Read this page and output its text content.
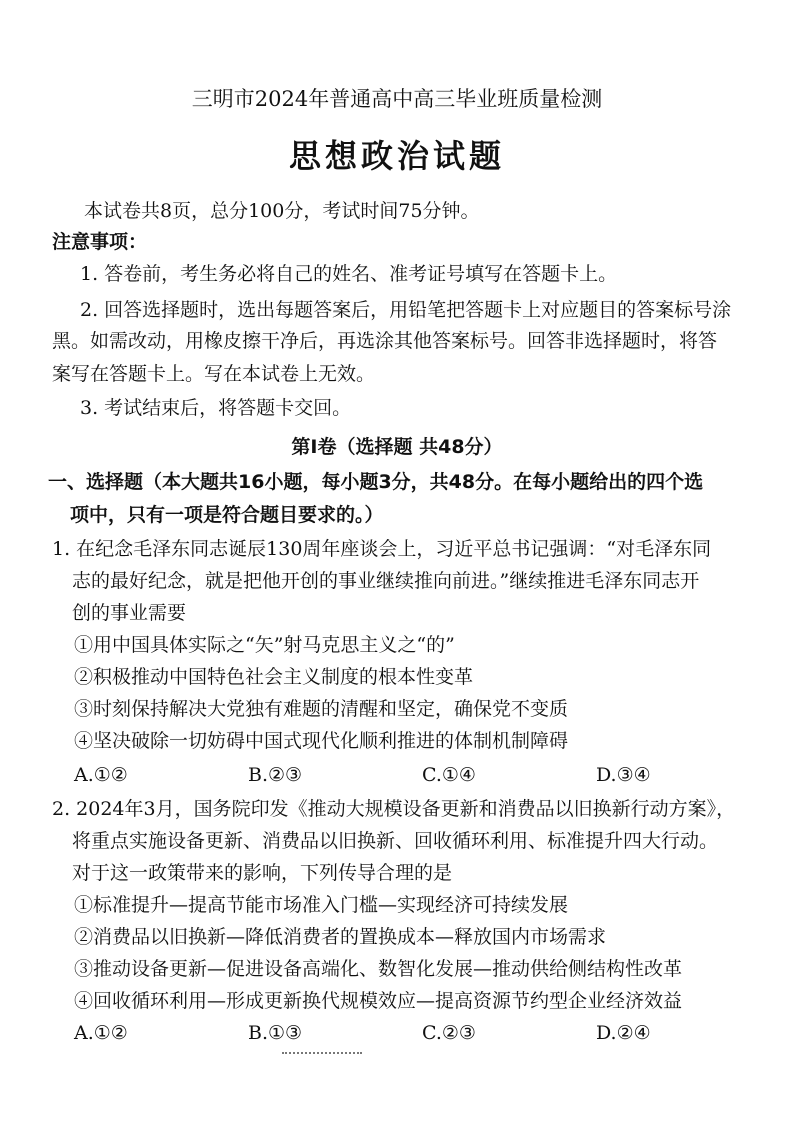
三明市2024年普通高中高三毕业班质量检测
思想政治试题
本试卷共8页，总分100分，考试时间75分钟。
注意事项：
1. 答卷前，考生务必将自己的姓名、准考证号填写在答题卡上。
2. 回答选择题时，选出每题答案后，用铅笔把答题卡上对应题目的答案标号涂
黑。如需改动，用橡皮擦干净后，再选涂其他答案标号。回答非选择题时，将答
案写在答题卡上。写在本试卷上无效。
3. 考试结束后，将答题卡交回。
第Ⅰ卷（选择题 共48分）
一、选择题（本大题共16小题，每小题3分，共48分。在每小题给出的四个选
项中，只有一项是符合题目要求的。）
1. 在纪念毛泽东同志诞辰130周年座谈会上，习近平总书记强调：“对毛泽东同
志的最好纪念，就是把他开创的事业继续推向前进。”继续推进毛泽东同志开
创的事业需要
①用中国具体实际之“矢”射马克思主义之“的”
②积极推动中国特色社会主义制度的根本性变革
③时刻保持解决大党独有难题的清醒和坚定，确保党不变质
④坚决破除一切妨碍中国式现代化顺利推进的体制机制障碍
A.①②	B.②③	C.①④	D.③④
2. 2024年3月，国务院印发《推动大规模设备更新和消费品以旧换新行动方案》，
将重点实施设备更新、消费品以旧换新、回收循环利用、标准提升四大行动。
对于这一政策带来的影响，下列传导合理的是
①标准提升—提高节能市场准入门槛—实现经济可持续发展
②消费品以旧换新—降低消费者的置换成本—释放国内市场需求
③推动设备更新—促进设备高端化、数智化发展—推动供给侧结构性改革
④回收循环利用—形成更新换代规模效应—提高资源节约型企业经济效益
A.①②	B.①③	C.②③	D.②④
